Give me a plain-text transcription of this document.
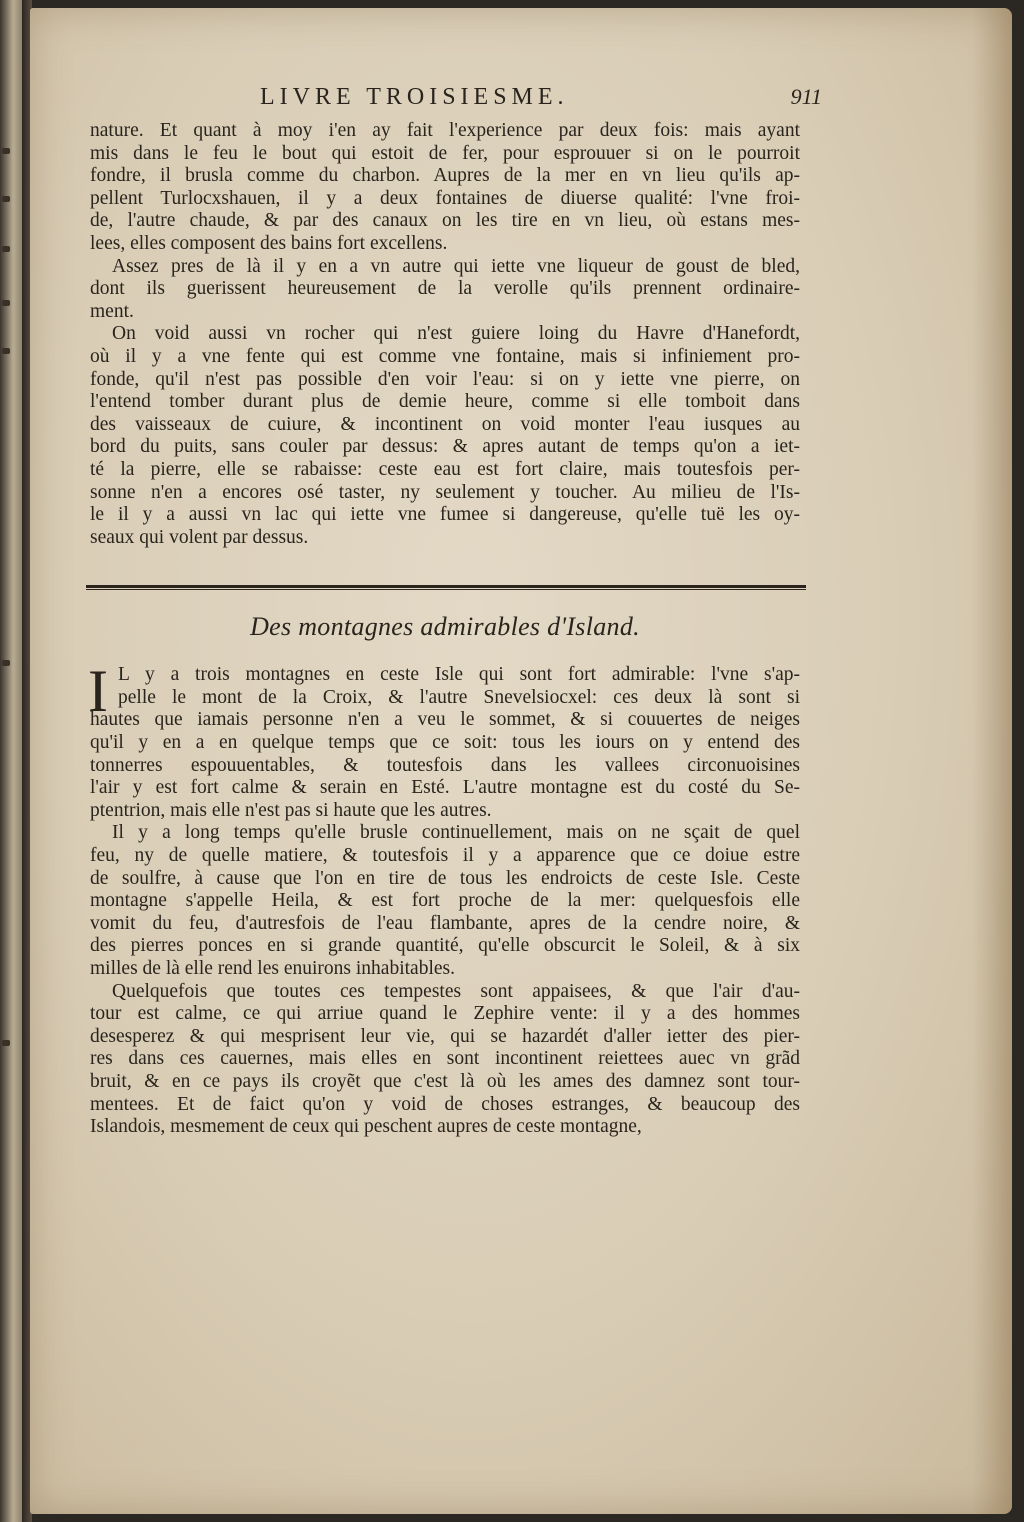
LIVRE TROISIESME.	911
nature. Et quant à moy i'en ay fait l'experience par deux fois: mais ayant
mis dans le feu le bout qui estoit de fer, pour esprouuer si on le pourroit
fondre, il brusla comme du charbon. Aupres de la mer en vn lieu qu'ils ap-
pellent Turlocxshauen, il y a deux fontaines de diuerse qualité: l'vne froi-
de, l'autre chaude, & par des canaux on les tire en vn lieu, où estans mes-
lees, elles composent des bains fort excellens.
Assez pres de là il y en a vn autre qui iette vne liqueur de goust de bled,
dont ils guerissent heureusement de la verolle qu'ils prennent ordinaire-
ment.
On void aussi vn rocher qui n'est guiere loing du Havre d'Hanefordt,
où il y a vne fente qui est comme vne fontaine, mais si infiniement pro-
fonde, qu'il n'est pas possible d'en voir l'eau: si on y iette vne pierre, on
l'entend tomber durant plus de demie heure, comme si elle tomboit dans
des vaisseaux de cuiure, & incontinent on void monter l'eau iusques au
bord du puits, sans couler par dessus: & apres autant de temps qu'on a iet-
té la pierre, elle se rabaisse: ceste eau est fort claire, mais toutesfois per-
sonne n'en a encores osé taster, ny seulement y toucher. Au milieu de l'Is-
le il y a aussi vn lac qui iette vne fumee si dangereuse, qu'elle tuë les oy-
seaux qui volent par dessus.
Des montagnes admirables d'Island.
I L y a trois montagnes en ceste Isle qui sont fort admirable: l'vne s'ap-
pelle le mont de la Croix, & l'autre Snevelsiocxel: ces deux là sont si
hautes que iamais personne n'en a veu le sommet, & si couuertes de neiges
qu'il y en a en quelque temps que ce soit: tous les iours on y entend des
tonnerres espouuentables, & toutesfois dans les vallees circonuoisines
l'air y est fort calme & serain en Esté. L'autre montagne est du costé du Se-
ptentrion, mais elle n'est pas si haute que les autres.
Il y a long temps qu'elle brusle continuellement, mais on ne sçait de quel
feu, ny de quelle matiere, & toutesfois il y a apparence que ce doiue estre
de soulfre, à cause que l'on en tire de tous les endroicts de ceste Isle. Ceste
montagne s'appelle Heila, & est fort proche de la mer: quelquesfois elle
vomit du feu, d'autresfois de l'eau flambante, apres de la cendre noire, &
des pierres ponces en si grande quantité, qu'elle obscurcit le Soleil, & à six
milles de là elle rend les enuirons inhabitables.
Quelquefois que toutes ces tempestes sont appaisees, & que l'air d'au-
tour est calme, ce qui arriue quand le Zephire vente: il y a des hommes
desesperez & qui mesprisent leur vie, qui se hazardét d'aller ietter des pier-
res dans ces cauernes, mais elles en sont incontinent reiettees auec vn grãd
bruit, & en ce pays ils croyẽt que c'est là où les ames des damnez sont tour-
mentees. Et de faict qu'on y void de choses estranges, & beaucoup des
Islandois, mesmement de ceux qui peschent aupres de ceste montagne,
